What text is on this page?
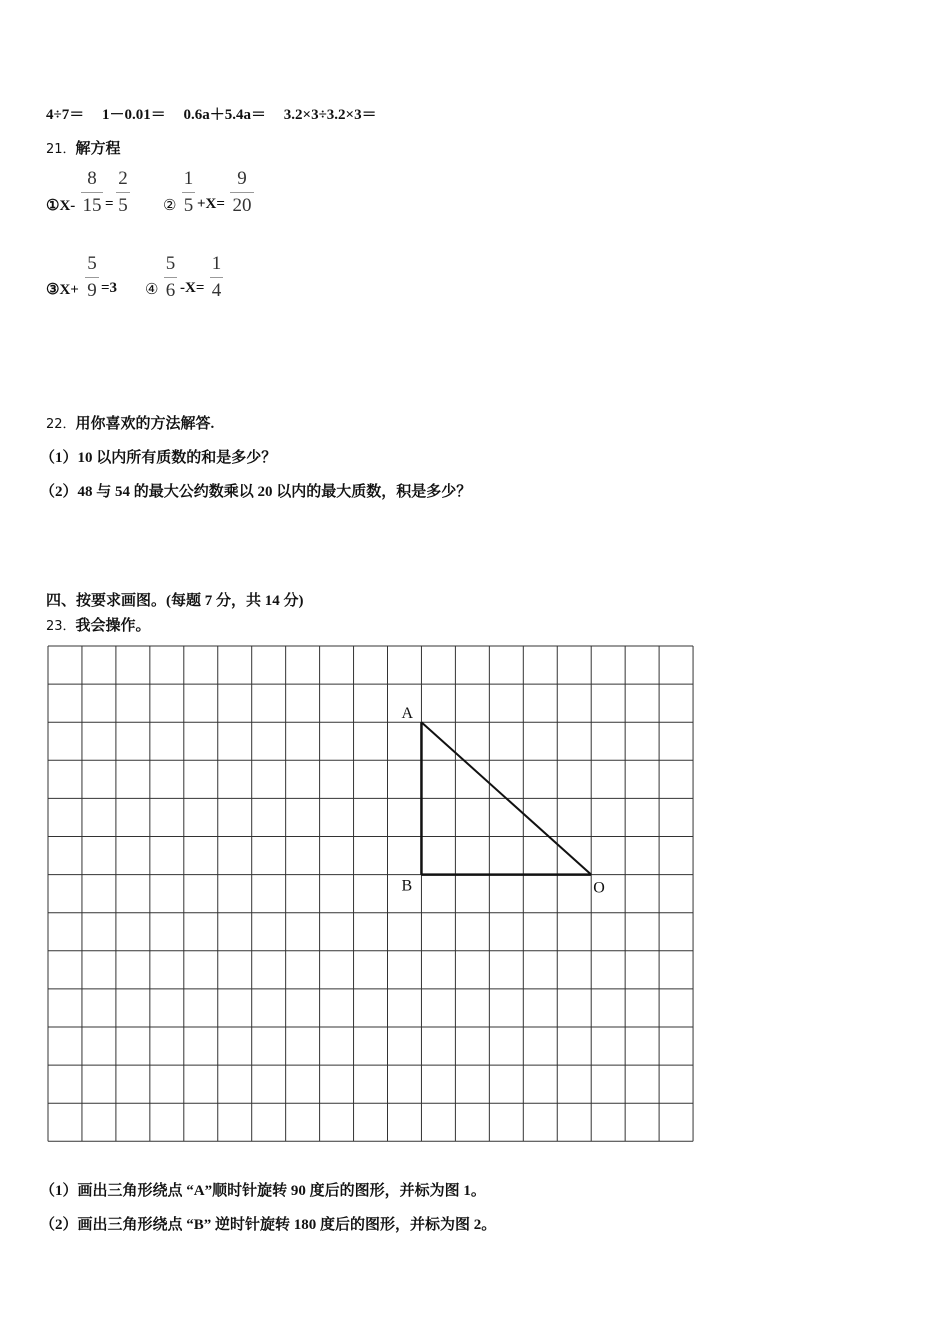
4÷7＝ 1－0.01＝ 0.6a＋5.4a＝ 3.2×3÷3.2×3＝
21．解方程
①X-
8
15 =
2
5 ②
1
5 +X=
9
20
③X+
5
9 =3 ④
5
6 -X=
1
4
22．用你喜欢的方法解答.
（1）10 以内所有质数的和是多少？
（2）48 与 54 的最大公约数乘以 20 以内的最大质数，积是多少？
四、按要求画图。(每题 7 分，共 14 分)
23．我会操作。
A
B	O
（1）画出三角形绕点 “A”顺时针旋转 90 度后的图形，并标为图 1。
（2）画出三角形绕点 “B” 逆时针旋转 180 度后的图形，并标为图 2。
